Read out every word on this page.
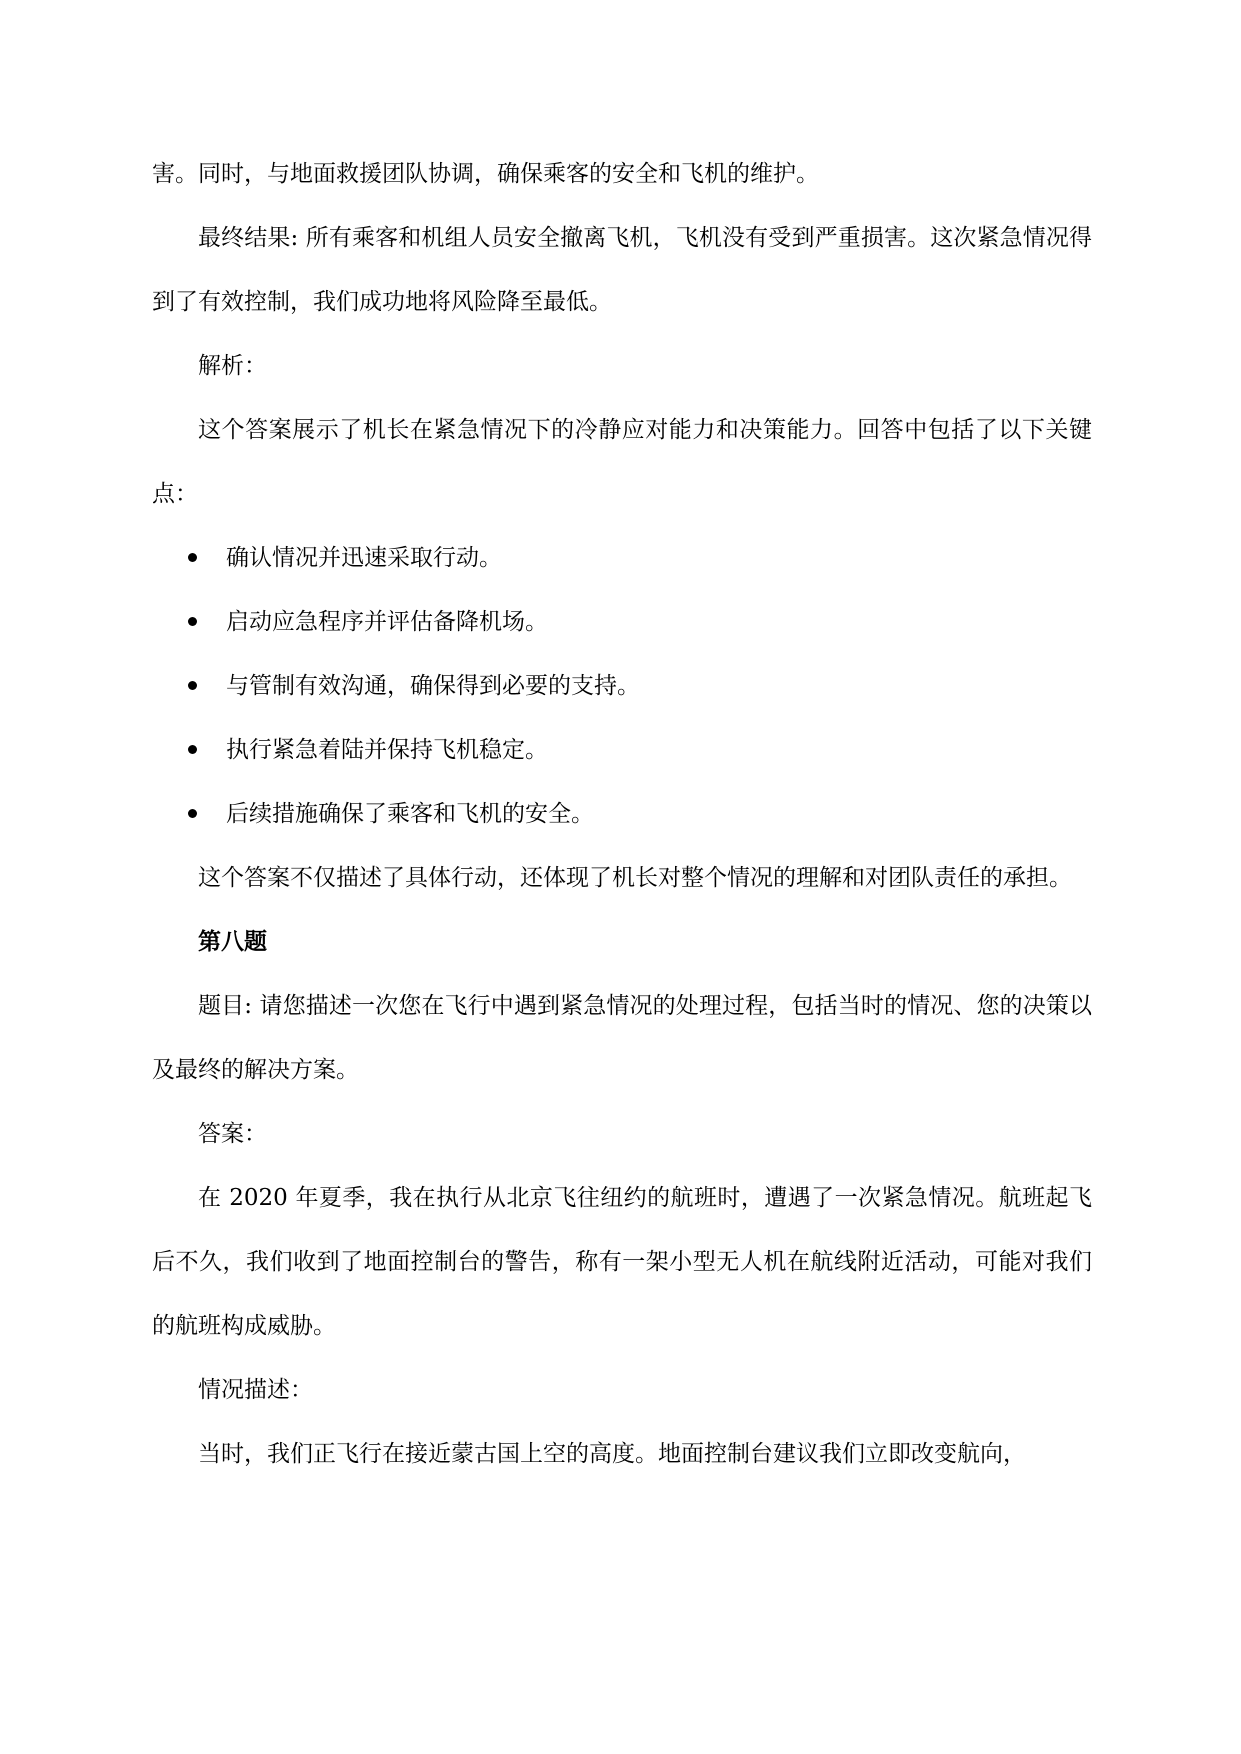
害。同时，与地面救援团队协调，确保乘客的安全和飞机的维护。

最终结果: 所有乘客和机组人员安全撤离飞机，飞机没有受到严重损害。这次紧急情况得到了有效控制，我们成功地将风险降至最低。

解析：

这个答案展示了机长在紧急情况下的冷静应对能力和决策能力。回答中包括了以下关键点：

确认情况并迅速采取行动。
启动应急程序并评估备降机场。
与管制有效沟通，确保得到必要的支持。
执行紧急着陆并保持飞机稳定。
后续措施确保了乘客和飞机的安全。

这个答案不仅描述了具体行动，还体现了机长对整个情况的理解和对团队责任的承担。

第八题

题目: 请您描述一次您在飞行中遇到紧急情况的处理过程，包括当时的情况、您的决策以及最终的解决方案。

答案：

在 2020 年夏季，我在执行从北京飞往纽约的航班时，遭遇了一次紧急情况。航班起飞后不久，我们收到了地面控制台的警告，称有一架小型无人机在航线附近活动，可能对我们的航班构成威胁。

情况描述：

当时，我们正飞行在接近蒙古国上空的高度。地面控制台建议我们立即改变航向，
